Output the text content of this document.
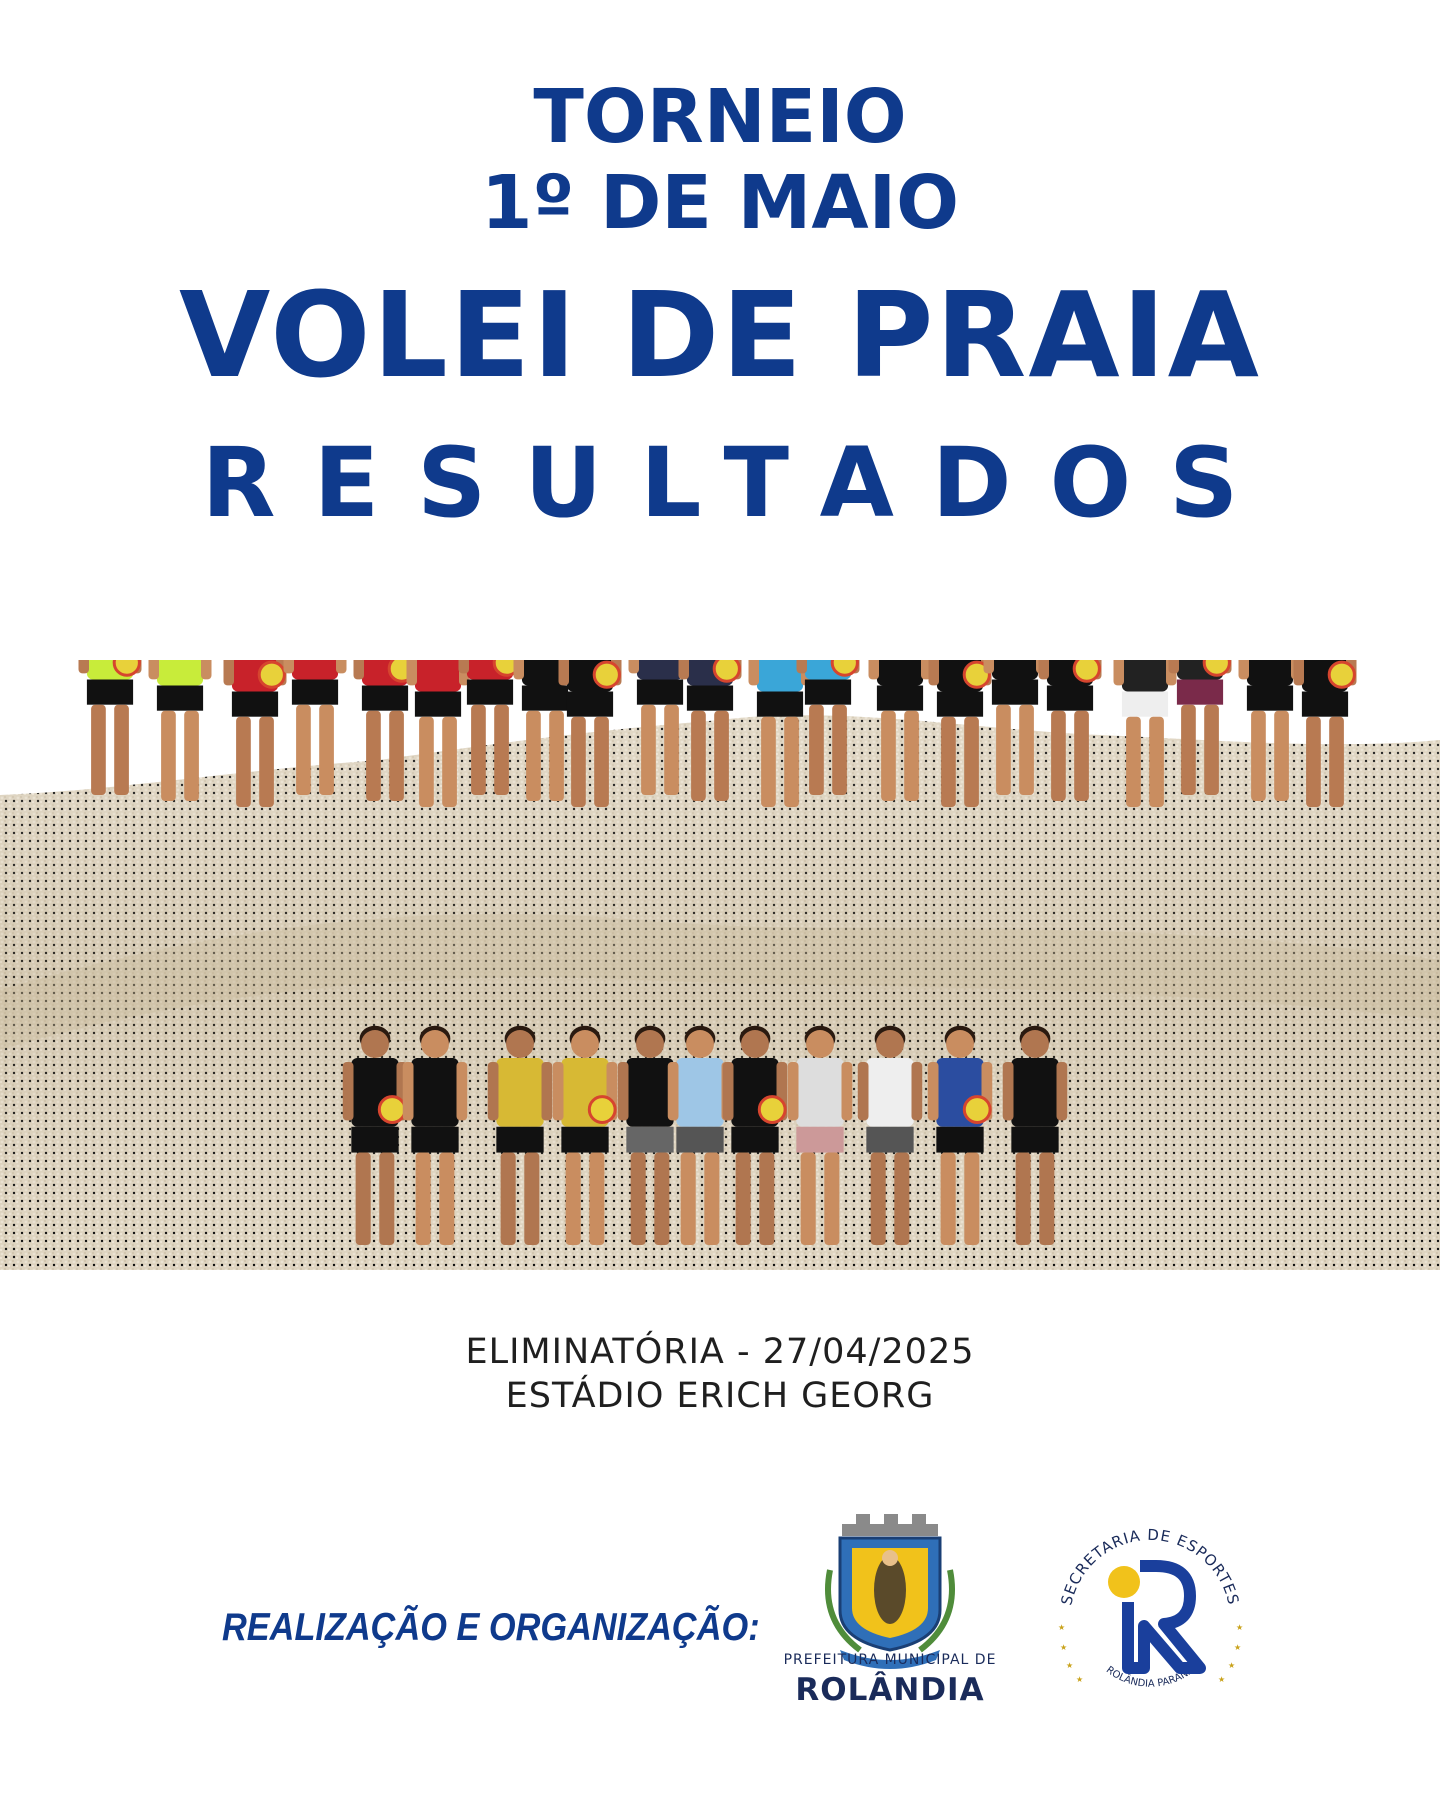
TORNEIO
1º DE MAIO
VOLEI DE PRAIA
RESULTADOS
ELIMINATÓRIA - 27/04/2025
ESTÁDIO ERICH GEORG
REALIZAÇÃO E ORGANIZAÇÃO:
PREFEITURA MUNICIPAL DE
ROLÂNDIA
SECRETARIA DE ESPORTES
ROLÂNDIA PARANÁ
★
★
★
★
★
★
★	★
